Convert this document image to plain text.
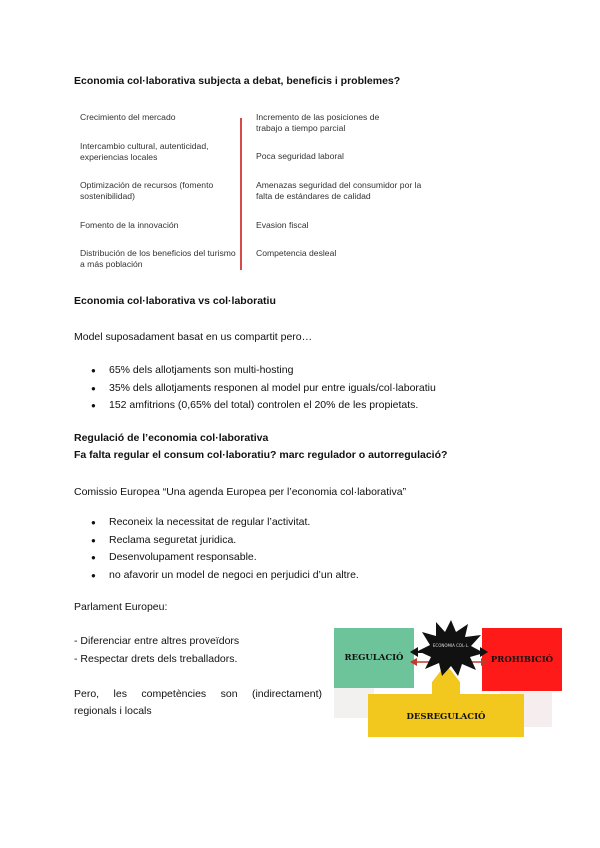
Economia col·laborativa subjecta a debat, beneficis i problemes?
Crecimiento del mercado
Intercambio cultural, autenticidad, experiencias locales
Optimización de recursos (fomento sostenibilidad)
Fomento de la innovación
Distribución de los beneficios del turismo a más población
Incremento de las posiciones de trabajo a tiempo parcial
Poca seguridad laboral
Amenazas seguridad del consumidor por la falta de estándares de calidad
Evasion fiscal
Competencia desleal
Economia col·laborativa vs col·laboratiu
Model suposadament basat en us compartit pero…
● 65% dels allotjaments son multi-hosting
● 35% dels allotjaments responen al model pur entre iguals/col·laboratiu
● 152 amfitrions (0,65% del total) controlen el 20% de les propietats.
Regulació de l’economia col·laborativa
Fa falta regular el consum col·laboratiu? marc regulador o autorregulació?
Comissio Europea “Una agenda Europea per l’economia col·laborativa”
● Reconeix la necessitat de regular l’activitat.
● Reclama seguretat juridica.
● Desenvolupament responsable.
● no afavorir un model de negoci en perjudici d’un altre.
Parlament Europeu:
- Diferenciar entre altres proveïdors
- Respectar drets dels treballadors.
Pero, les competències son (indirectament)
regionals i locals
REGULACIÓ	PROHIBICIÓ
DESREGULACIÓ
ECONOMIA COL·L.
